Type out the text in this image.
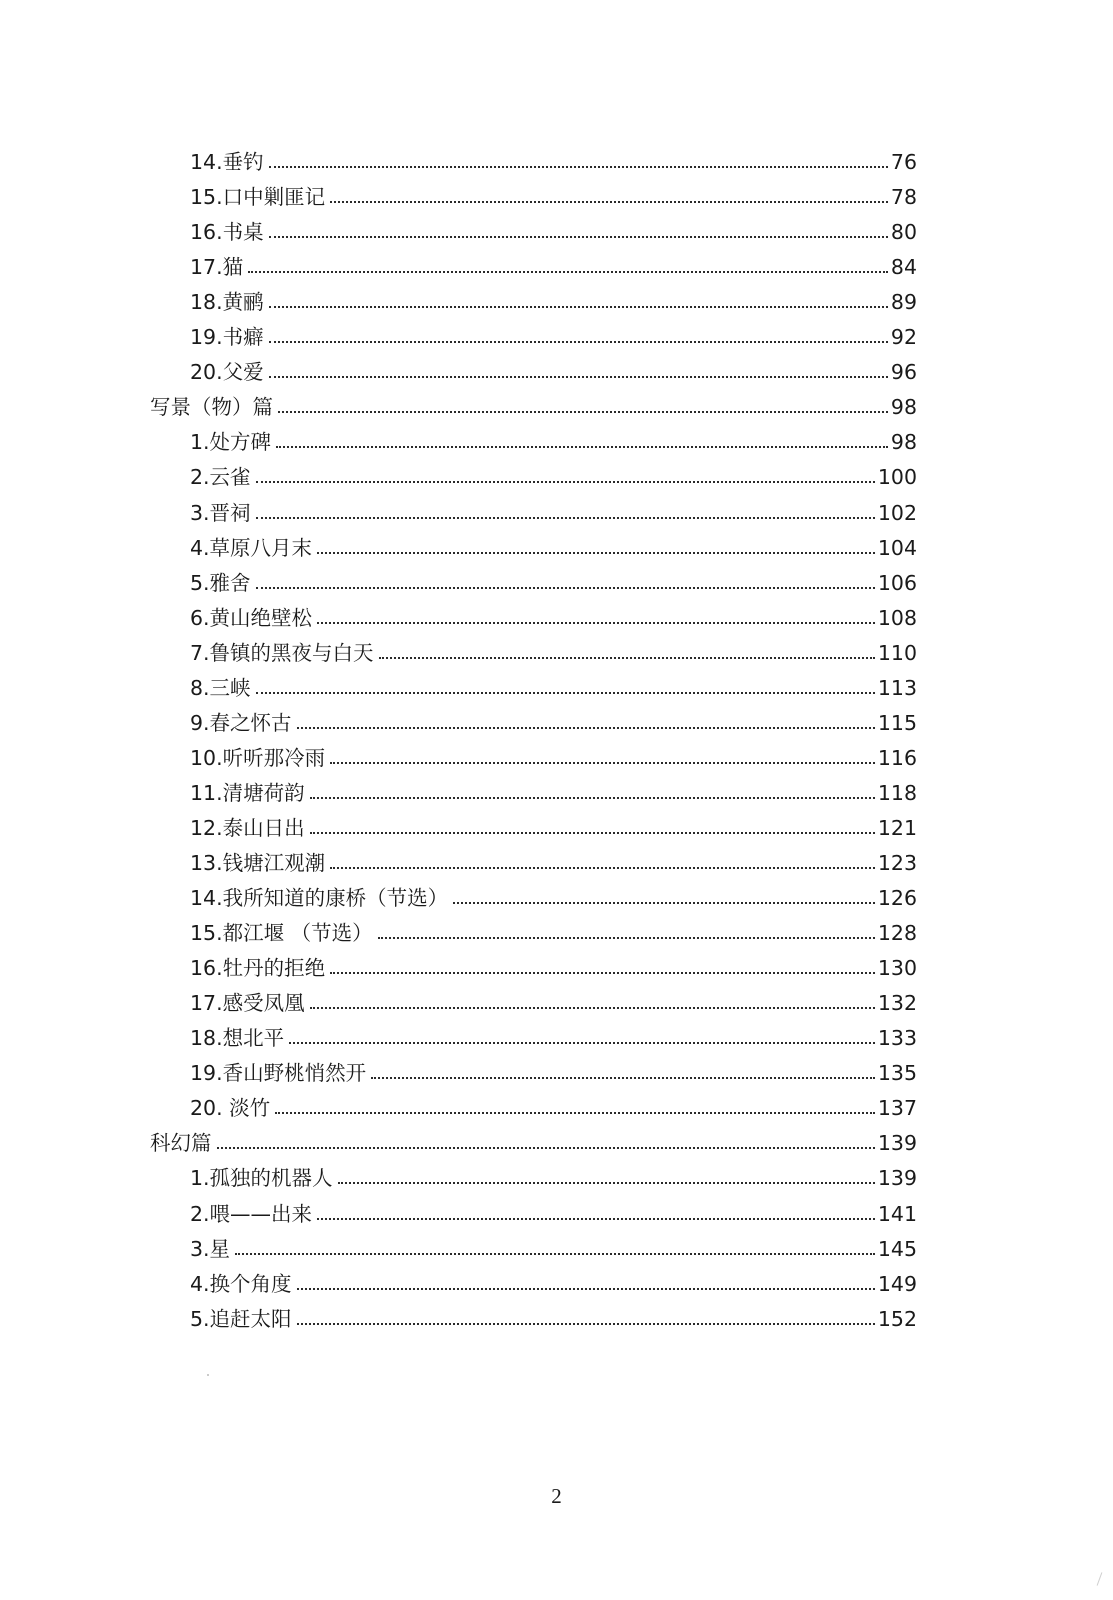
14.垂钓	76
15.口中剿匪记	78
16.书桌	80
17.猫	84
18.黄鹂	89
19.书癖	92
20.父爱	96
写景（物）篇	98
1.处方碑	98
2.云雀	100
3.晋祠	102
4.草原八月末	104
5.雅舍	106
6.黄山绝壁松	108
7.鲁镇的黑夜与白天	110
8.三峡	113
9.春之怀古	115
10.听听那冷雨	116
11.清塘荷韵	118
12.泰山日出	121
13.钱塘江观潮	123
14.我所知道的康桥（节选）	126
15.都江堰 （节选）	128
16.牡丹的拒绝	130
17.感受凤凰	132
18.想北平	133
19.香山野桃悄然开	135
20. 淡竹	137
科幻篇	139
1.孤独的机器人	139
2.喂——出来	141
3.星	145
4.换个角度	149
5.追赶太阳	152
2
